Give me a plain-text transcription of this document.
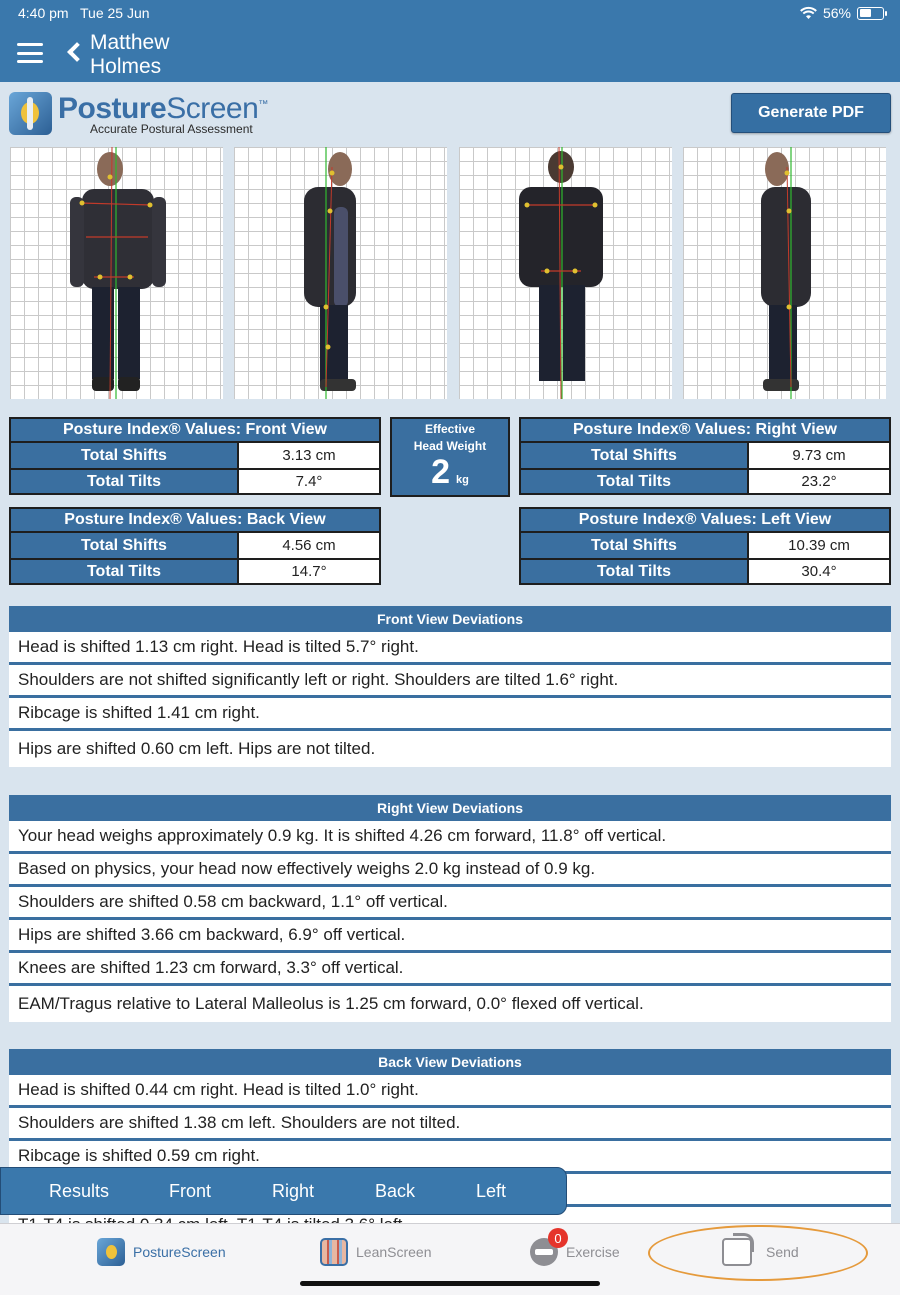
4:40 pm Tue 25 Jun	56%
Matthew
Holmes
PostureScreen™
Accurate Postural Assessment
Generate PDF
Posture Index® Values: Front View
Total Shifts	3.13 cm
Total Tilts	7.4°
Posture Index® Values: Right View
Total Shifts	9.73 cm
Total Tilts	23.2°
Posture Index® Values: Back View
Total Shifts	4.56 cm
Total Tilts	14.7°
Posture Index® Values: Left View
Total Shifts	10.39 cm
Total Tilts	30.4°
Effective
Head Weight
2 kg
Front View Deviations
Head is shifted 1.13 cm right. Head is tilted 5.7° right.
Shoulders are not shifted significantly left or right. Shoulders are tilted 1.6° right.
Ribcage is shifted 1.41 cm right.
Hips are shifted 0.60 cm left. Hips are not tilted.
Right View Deviations
Your head weighs approximately 0.9 kg. It is shifted 4.26 cm forward, 11.8° off vertical.
Based on physics, your head now effectively weighs 2.0 kg instead of 0.9 kg.
Shoulders are shifted 0.58 cm backward, 1.1° off vertical.
Hips are shifted 3.66 cm backward, 6.9° off vertical.
Knees are shifted 1.23 cm forward, 3.3° off vertical.
EAM/Tragus relative to Lateral Malleolus is 1.25 cm forward, 0.0° flexed off vertical.
Back View Deviations
Head is shifted 0.44 cm right. Head is tilted 1.0° right.
Shoulders are shifted 1.38 cm left. Shoulders are not tilted.
Ribcage is shifted 0.59 cm right.
Results	Front	Right	Back	Left
PostureScreen	LeanScreen
0
Exercise	Send
